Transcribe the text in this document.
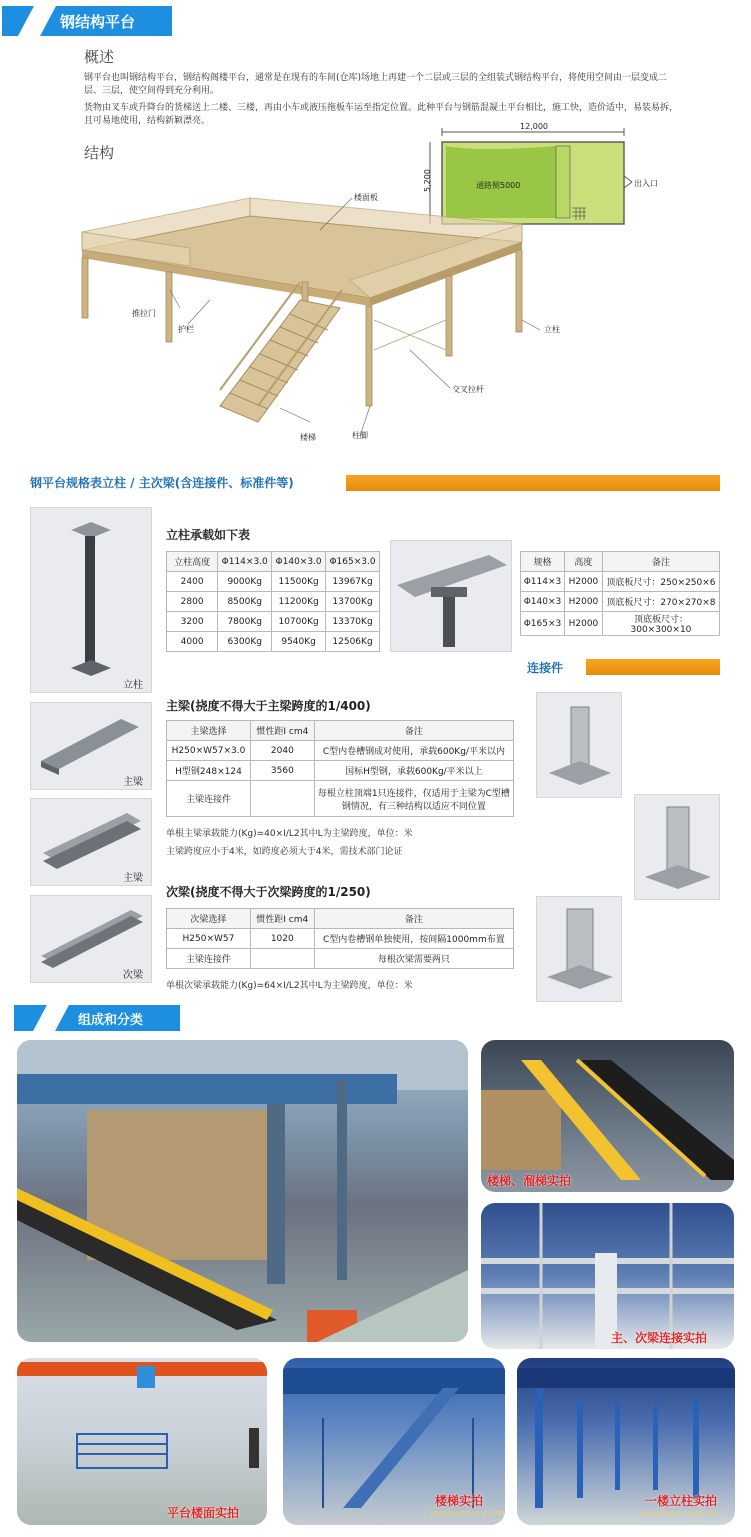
钢结构平台
概述
钢平台也叫钢结构平台，钢结构阁楼平台，通常是在现有的车间(仓库)场地上再建一个二层或三层的全组装式钢结构平台，将使用空间由一层变成二层、三层，使空间得到充分利用。
货物由叉车或升降台的货梯送上二楼、三楼，再由小车或液压拖板车运至指定位置。此种平台与钢筋混凝土平台相比，施工快，造价适中，易装易拆，且可易地使用，结构新颖漂亮。
结构
12,000
5,200	通路侧5000	出入口
楼面板
推拉门
护栏	立柱
交叉拉杆
楼梯	柱脚
钢平台规格表立柱 / 主次梁(含连接件、标准件等)
立柱
主梁
主梁
次梁
立柱承载如下表
立柱高度	Φ114×3.0	Φ140×3.0	Φ165×3.0
2400	9000Kg	11500Kg	13967Kg
2800	8500Kg	11200Kg	13700Kg
3200	7800Kg	10700Kg	13370Kg
4000	6300Kg	9540Kg	12506Kg
规格	高度	备注
Φ114×3	H2000	顶底板尺寸：250×250×6
Φ140×3	H2000	顶底板尺寸：270×270×8
Φ165×3	H2000	顶底板尺寸：300×300×10
连接件
主梁(挠度不得大于主梁跨度的1/400)
主梁选择	惯性距I cm4	备注
H250×W57×3.0	2040	C型内卷槽钢成对使用，承载600Kg/平米以内
H型钢248×124	3560	国标H型钢，承载600Kg/平米以上
主梁连接件		每根立柱顶端1只连接件，仅适用于主梁为C型槽钢情况，有三种结构以适应不同位置
单根主梁承载能力(Kg)=40×I/L2其中L为主梁跨度，单位：米
主梁跨度应小于4米，如跨度必须大于4米，需技术部门论证
次梁(挠度不得大于次梁跨度的1/250)
次梁选择	惯性距I cm4	备注
H250×W57	1020	C型内卷槽钢单独使用，按间隔1000mm布置
主梁连接件		每根次梁需要两只
单根次梁承载能力(Kg)=64×I/L2其中L为主梁跨度，单位：米
组成和分类
楼梯、溜梯实拍
主、次梁连接实拍
平台楼面实拍
楼梯实拍
2013/04/25 12:40 PM
一楼立柱实拍
2013/04/25 12:41 PM
